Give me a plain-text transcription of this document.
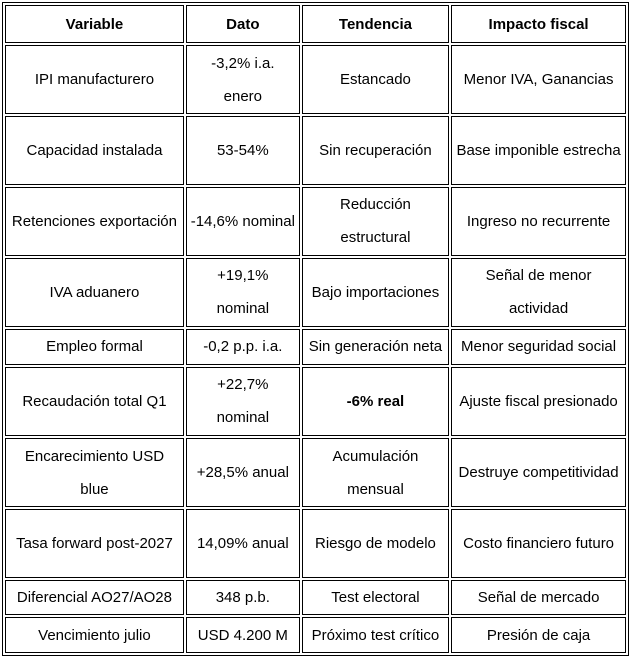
Variable	Dato	Tendencia	Impacto fiscal
IPI manufacturero	-3,2% i.a. enero	Estancado	Menor IVA, Ganancias
Capacidad instalada	53-54%	Sin recuperación	Base imponible estrecha
Retenciones exportación	-14,6% nominal	Reducción estructural	Ingreso no recurrente
IVA aduanero	+19,1% nominal	Bajo importaciones	Señal de menor actividad
Empleo formal	-0,2 p.p. i.a.	Sin generación neta	Menor seguridad social
Recaudación total Q1	+22,7% nominal	-6% real	Ajuste fiscal presionado
Encarecimiento USD blue	+28,5% anual	Acumulación mensual	Destruye competitividad
Tasa forward post-2027	14,09% anual	Riesgo de modelo	Costo financiero futuro
Diferencial AO27/AO28	348 p.b.	Test electoral	Señal de mercado
Vencimiento julio	USD 4.200 M	Próximo test crítico	Presión de caja
